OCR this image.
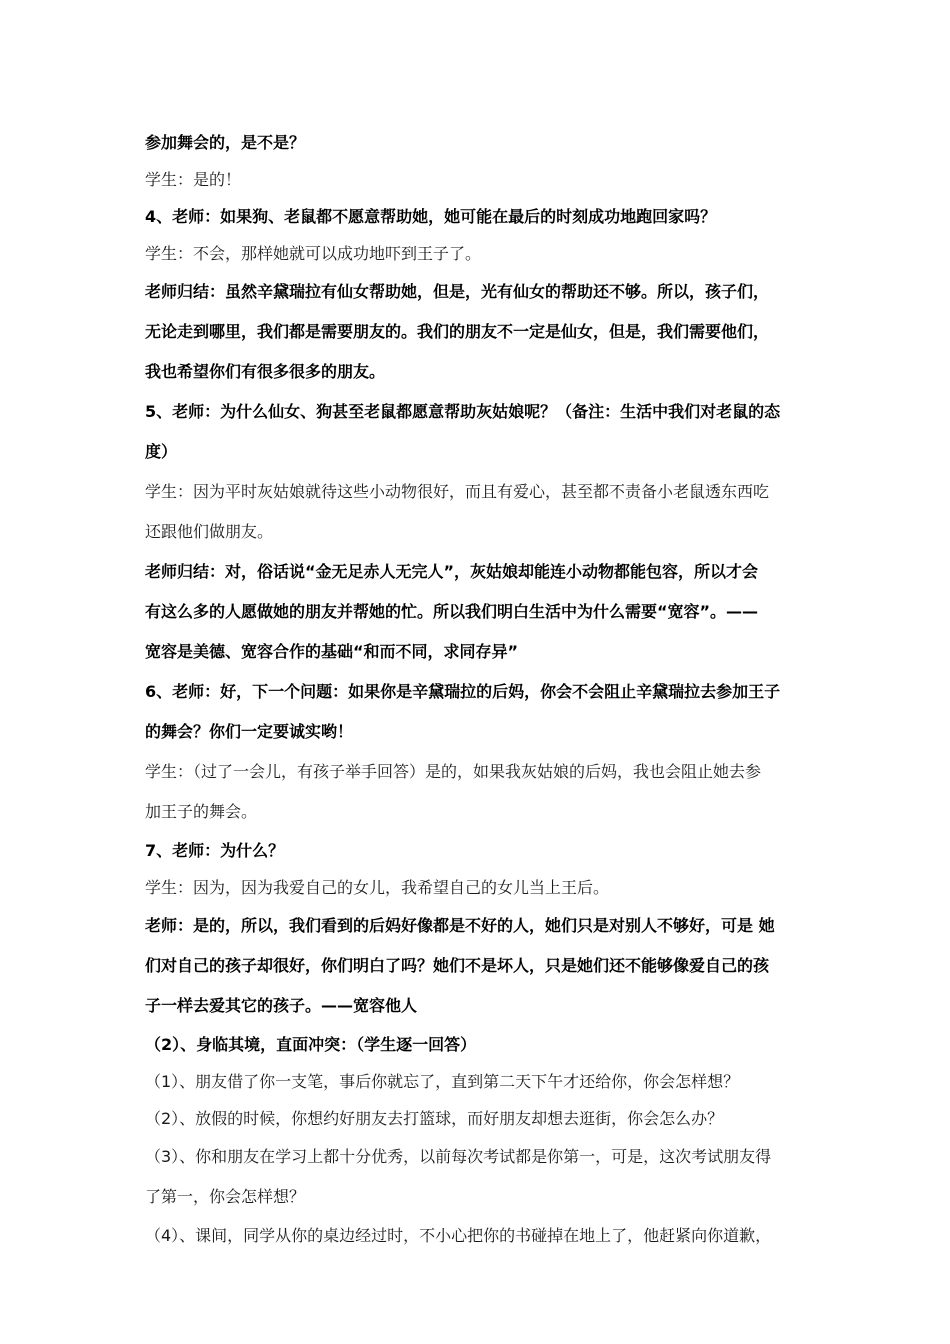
参加舞会的，是不是？
学生：是的！
4、老师：如果狗、老鼠都不愿意帮助她，她可能在最后的时刻成功地跑回家吗？
学生：不会，那样她就可以成功地吓到王子了。
老师归结：虽然辛黛瑞拉有仙女帮助她，但是，光有仙女的帮助还不够。所以，孩子们，
无论走到哪里，我们都是需要朋友的。我们的朋友不一定是仙女，但是，我们需要他们，
我也希望你们有很多很多的朋友。
5、老师：为什么仙女、狗甚至老鼠都愿意帮助灰姑娘呢？（备注：生活中我们对老鼠的态
度）
学生：因为平时灰姑娘就待这些小动物很好，而且有爱心，甚至都不责备小老鼠透东西吃
还跟他们做朋友。
老师归结：对，俗话说“金无足赤人无完人”，灰姑娘却能连小动物都能包容，所以才会
有这么多的人愿做她的朋友并帮她的忙。所以我们明白生活中为什么需要“宽容”。——
宽容是美德、宽容合作的基础“和而不同，求同存异”
6、老师：好，下一个问题：如果你是辛黛瑞拉的后妈，你会不会阻止辛黛瑞拉去参加王子
的舞会？你们一定要诚实哟！
学生：（过了一会儿，有孩子举手回答）是的，如果我灰姑娘的后妈，我也会阻止她去参
加王子的舞会。
7、老师：为什么？
学生：因为，因为我爱自己的女儿，我希望自己的女儿当上王后。
老师：是的，所以，我们看到的后妈好像都是不好的人，她们只是对别人不够好，可是 她
们对自己的孩子却很好，你们明白了吗？她们不是坏人，只是她们还不能够像爱自己的孩
子一样去爱其它的孩子。——宽容他人
（2）、身临其境，直面冲突：（学生逐一回答）
（1）、朋友借了你一支笔，事后你就忘了，直到第二天下午才还给你，你会怎样想？
（2）、放假的时候，你想约好朋友去打篮球，而好朋友却想去逛街，你会怎么办？
（3）、你和朋友在学习上都十分优秀，以前每次考试都是你第一，可是，这次考试朋友得
了第一，你会怎样想？
（4）、课间，同学从你的桌边经过时，不小心把你的书碰掉在地上了，他赶紧向你道歉，
